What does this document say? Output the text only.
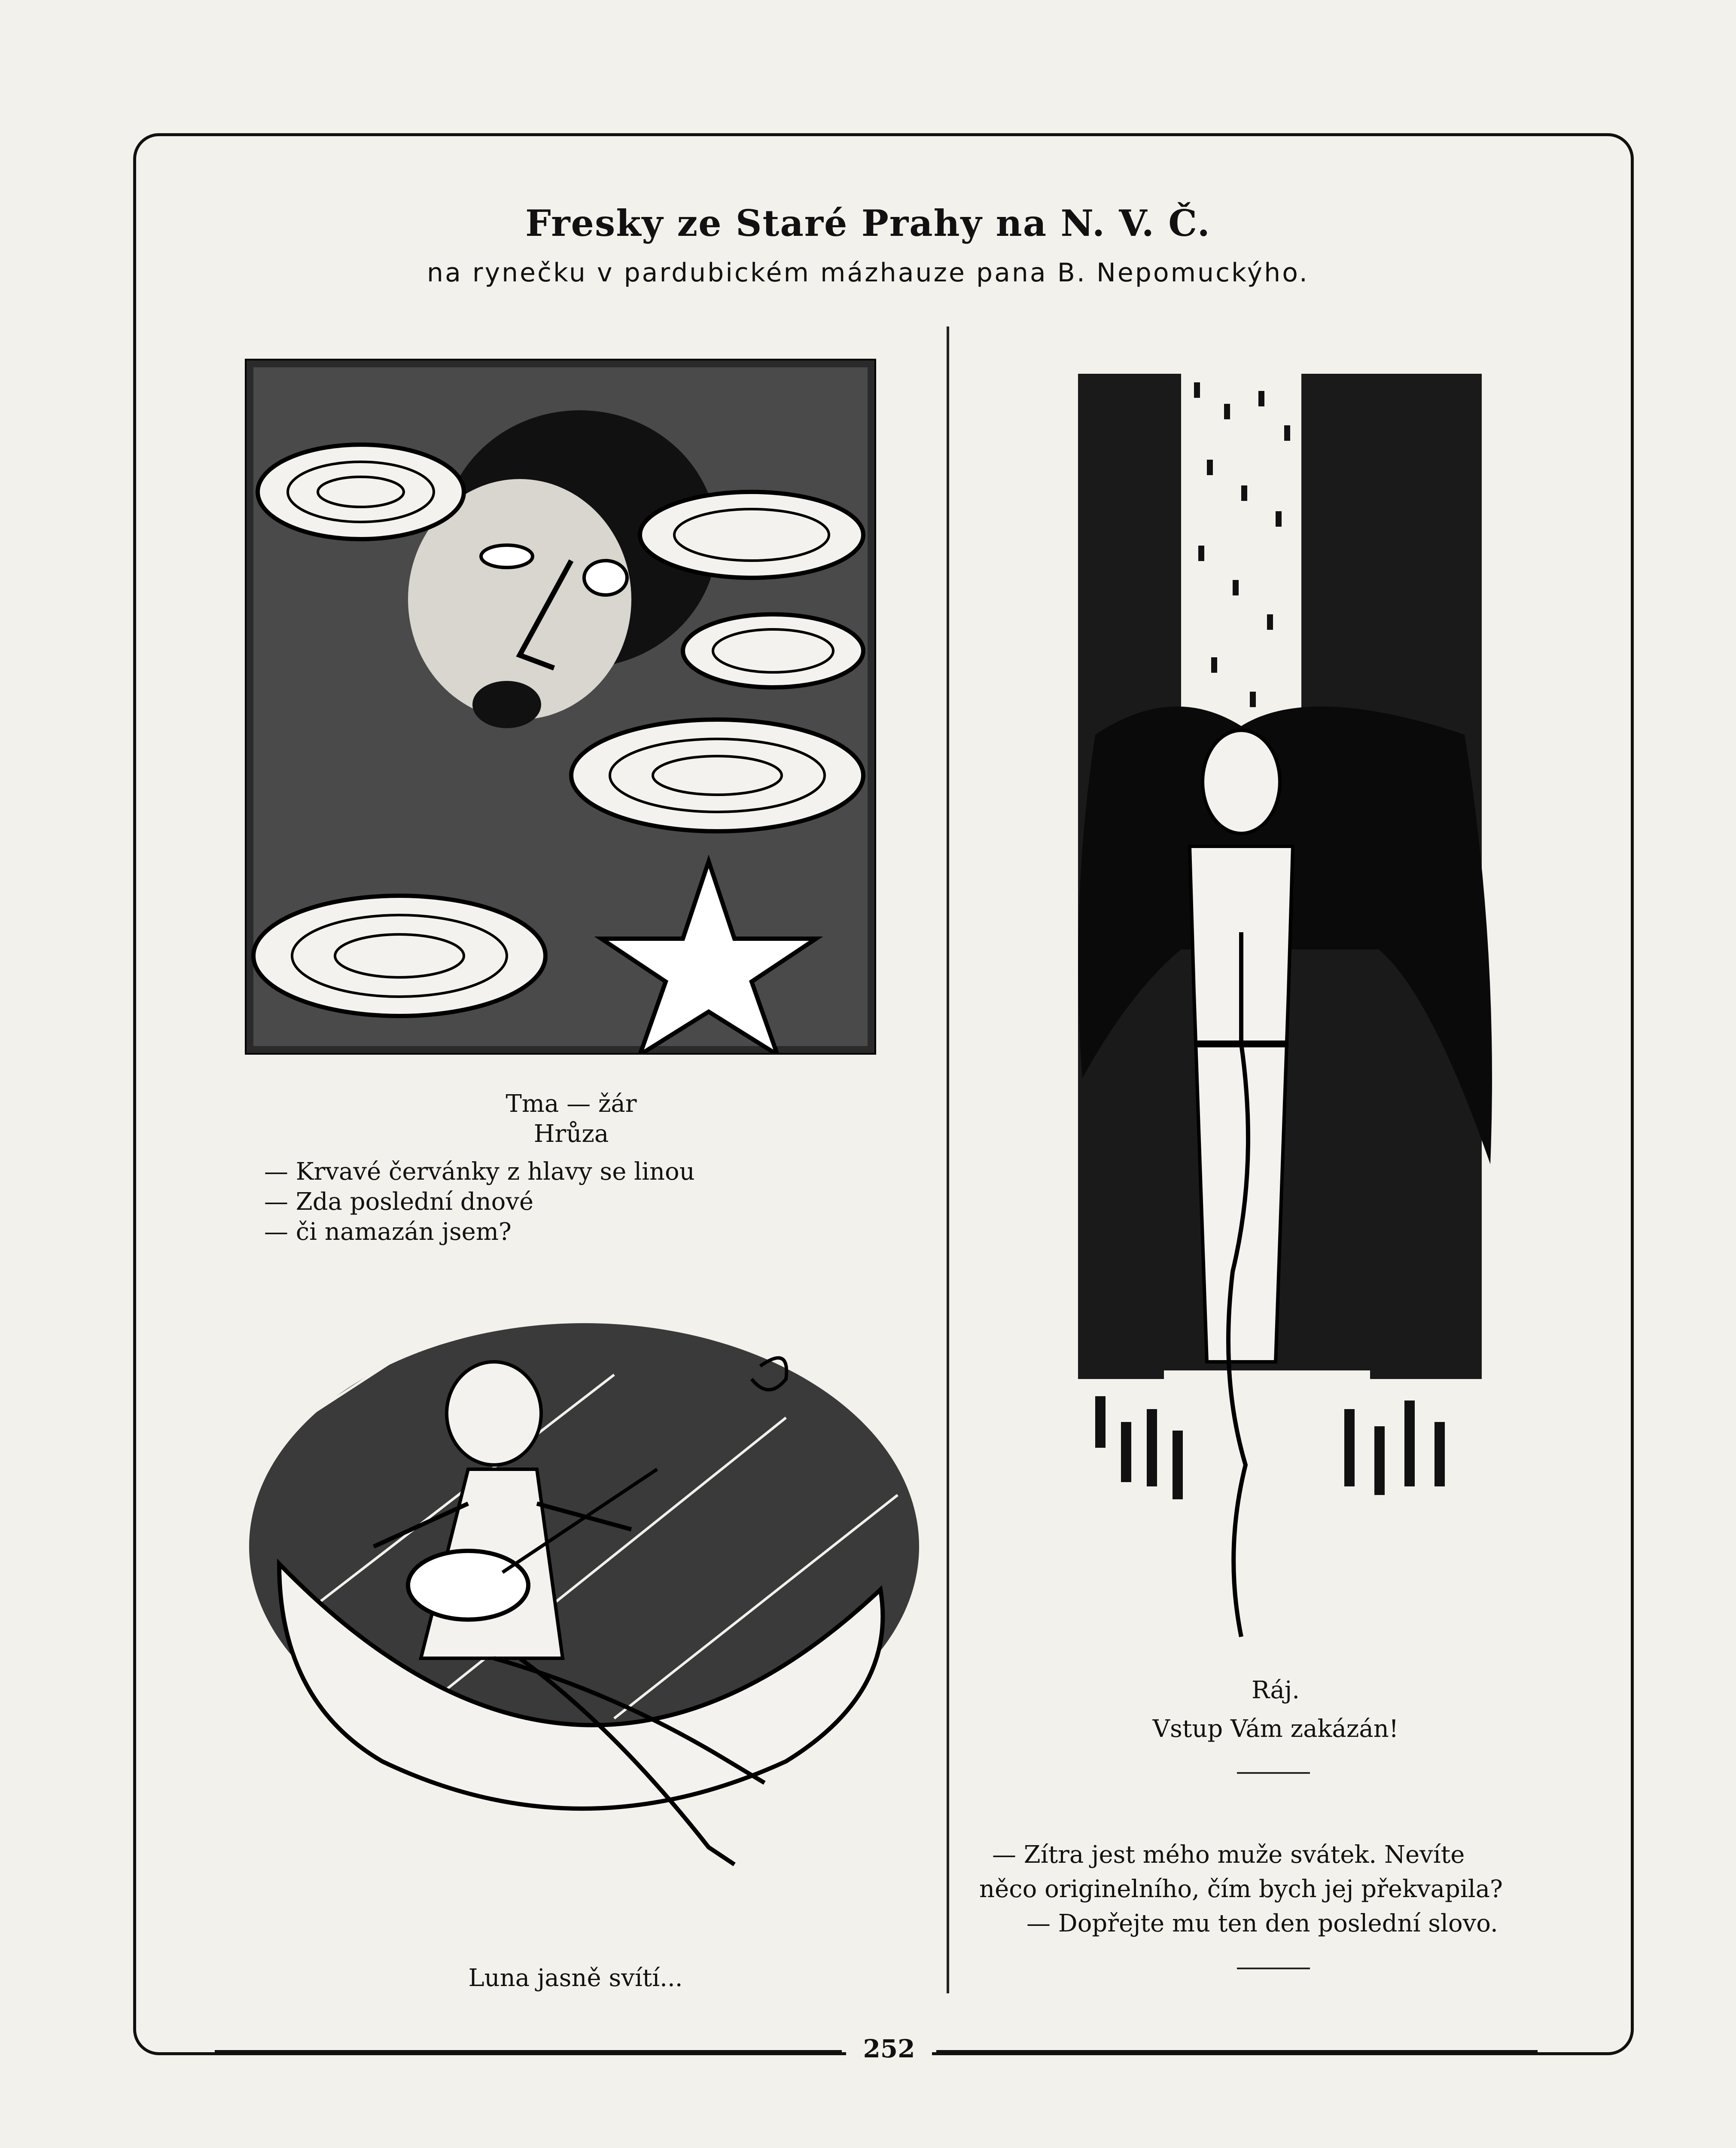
Fresky ze Staré Prahy na N. V. Č.
na rynečku v pardubickém mázhauze pana B. Nepomuckýho.
Tma — žár
Hrůza
— Krvavé červánky z hlavy se linou
— Zda poslední dnové
— či namazán jsem?
Luna jasně svítí...
Ráj.
Vstup Vám zakázán!
— Zítra jest mého muže svátek. Nevíte
něco originelního, čím bych jej překvapila?
— Dopřejte mu ten den poslední slovo.
252
